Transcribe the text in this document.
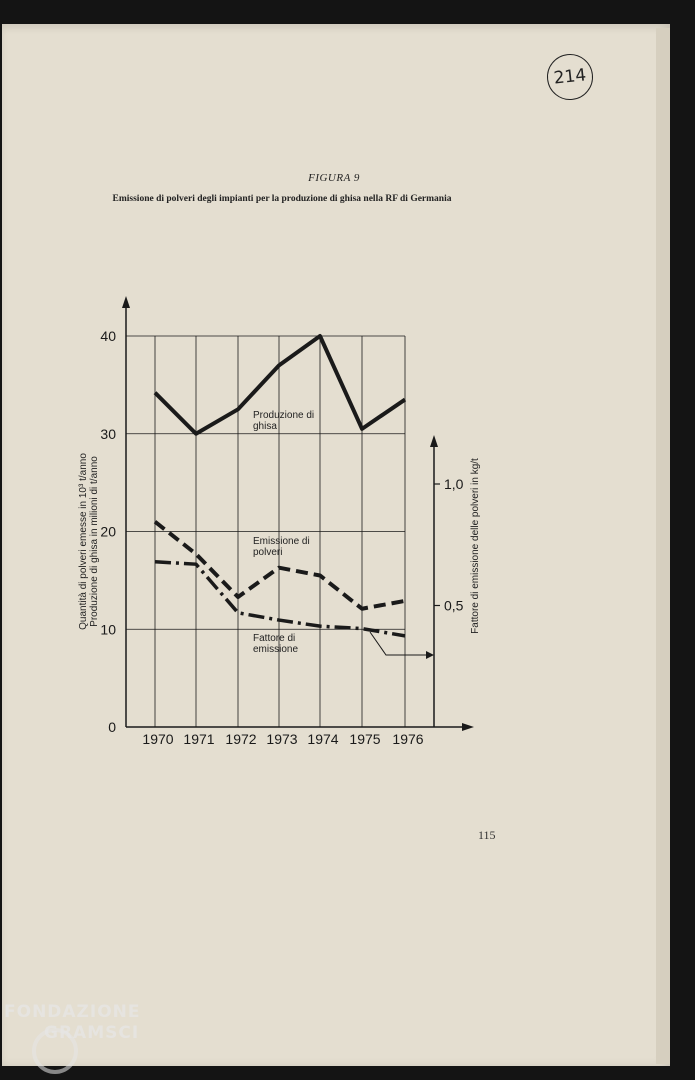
214
FIGURA 9
Emissione di polveri degli impianti per la produzione di ghisa nella RF di Germania
0
10
20
30
40
1970 1971 1972 1973 1974 1975 1976
0,5
1,0
Quantità di polveri emesse in 10³ t/anno Produzione di ghisa in milioni di t/anno	Fattore di emissione delle polveri in kg/t
Produzione di
ghisa
Emissione di
polveri
Fattore di
emissione
115
FONDAZIONE
GRAMSCI
